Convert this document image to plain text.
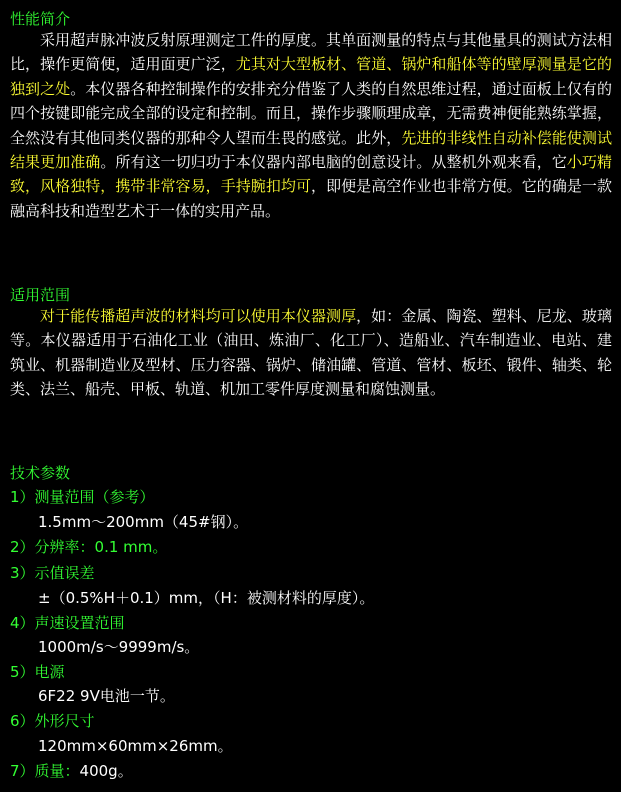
性能简介

采用超声脉冲波反射原理测定工件的厚度。其单面测量的特点与其他量具的测试方法相比，操作更简便，适用面更广泛，尤其对大型板材、管道、锅炉和船体等的壁厚测量是它的独到之处。本仪器各种控制操作的安排充分借鉴了人类的自然思维过程，通过面板上仅有的四个按键即能完成全部的设定和控制。而且，操作步骤顺理成章，无需费神便能熟练掌握，全然没有其他同类仪器的那种令人望而生畏的感觉。此外，先进的非线性自动补偿能使测试结果更加准确。所有这一切归功于本仪器内部电脑的创意设计。从整机外观来看，它小巧精致，风格独特，携带非常容易，手持腕扣均可，即便是高空作业也非常方便。它的确是一款融高科技和造型艺术于一体的实用产品。

适用范围

对于能传播超声波的材料均可以使用本仪器测厚，如：金属、陶瓷、塑料、尼龙、玻璃等。本仪器适用于石油化工业（油田、炼油厂、化工厂）、造船业、汽车制造业、电站、建筑业、机器制造业及型材、压力容器、锅炉、储油罐、管道、管材、板坯、锻件、轴类、轮类、法兰、船壳、甲板、轨道、机加工零件厚度测量和腐蚀测量。

技术参数
1）测量范围（参考）
1.5mm～200mm（45#钢）。
2）分辨率：0.1 mm。
3）示值误差
±（0.5%H＋0.1）mm，（H：被测材料的厚度）。
4）声速设置范围
1000m/s～9999m/s。
5）电源
6F22 9V电池一节。
6）外形尺寸
120mm×60mm×26mm。
7）质量：400g。
